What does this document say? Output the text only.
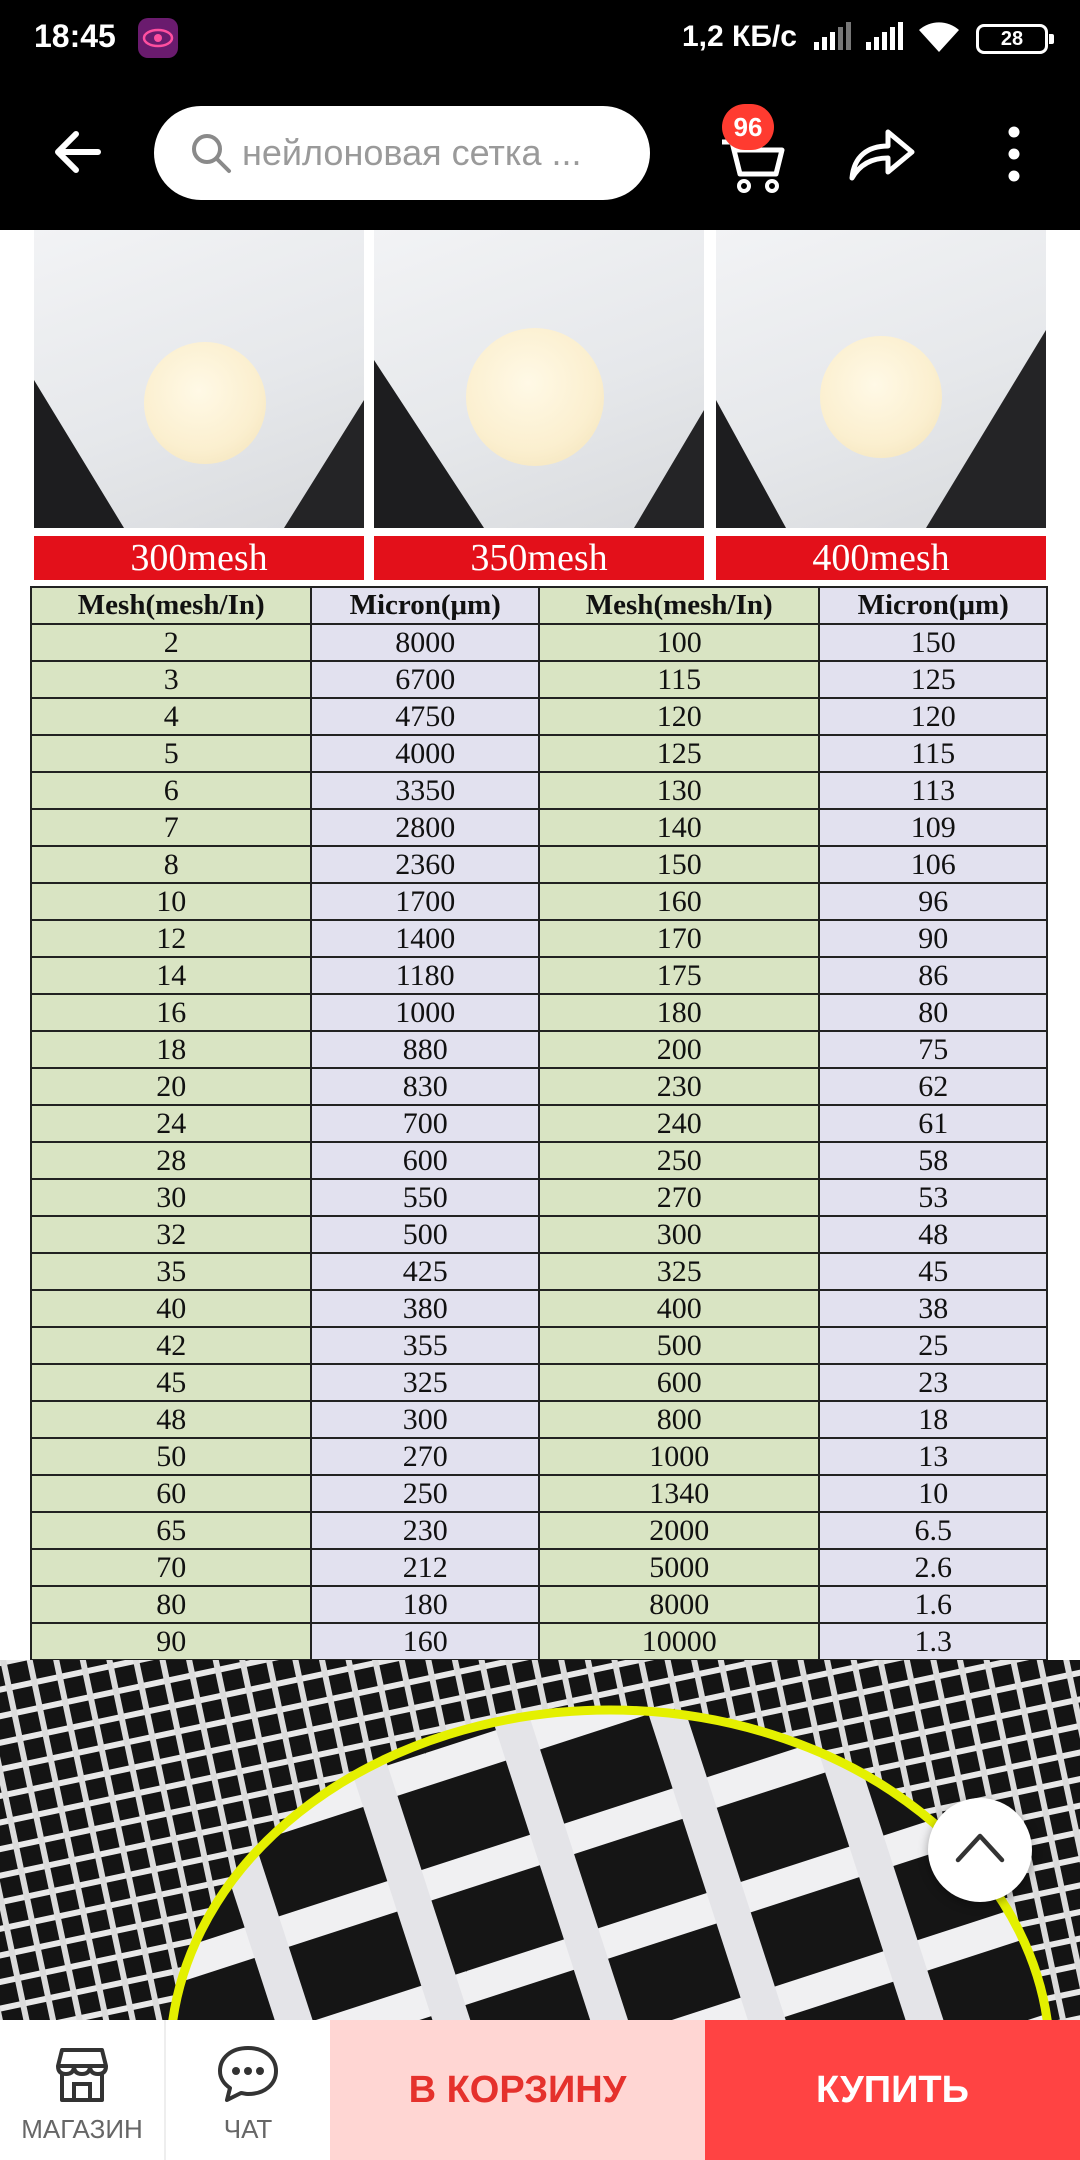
18:45	1,2 КБ/с	28
нейлоновая сетка ...
96
300mesh	350mesh	400mesh
Mesh(mesh/In)	Micron(μm)	Mesh(mesh/In)	Micron(μm)
2	8000	100	150
3	6700	115	125
4	4750	120	120
5	4000	125	115
6	3350	130	113
7	2800	140	109
8	2360	150	106
10	1700	160	96
12	1400	170	90
14	1180	175	86
16	1000	180	80
18	880	200	75
20	830	230	62
24	700	240	61
28	600	250	58
30	550	270	53
32	500	300	48
35	425	325	45
40	380	400	38
42	355	500	25
45	325	600	23
48	300	800	18
50	270	1000	13
60	250	1340	10
65	230	2000	6.5
70	212	5000	2.6
80	180	8000	1.6
90	160	10000	1.3
МАГАЗИН	ЧАТ
В КОРЗИНУ	КУПИТЬ
